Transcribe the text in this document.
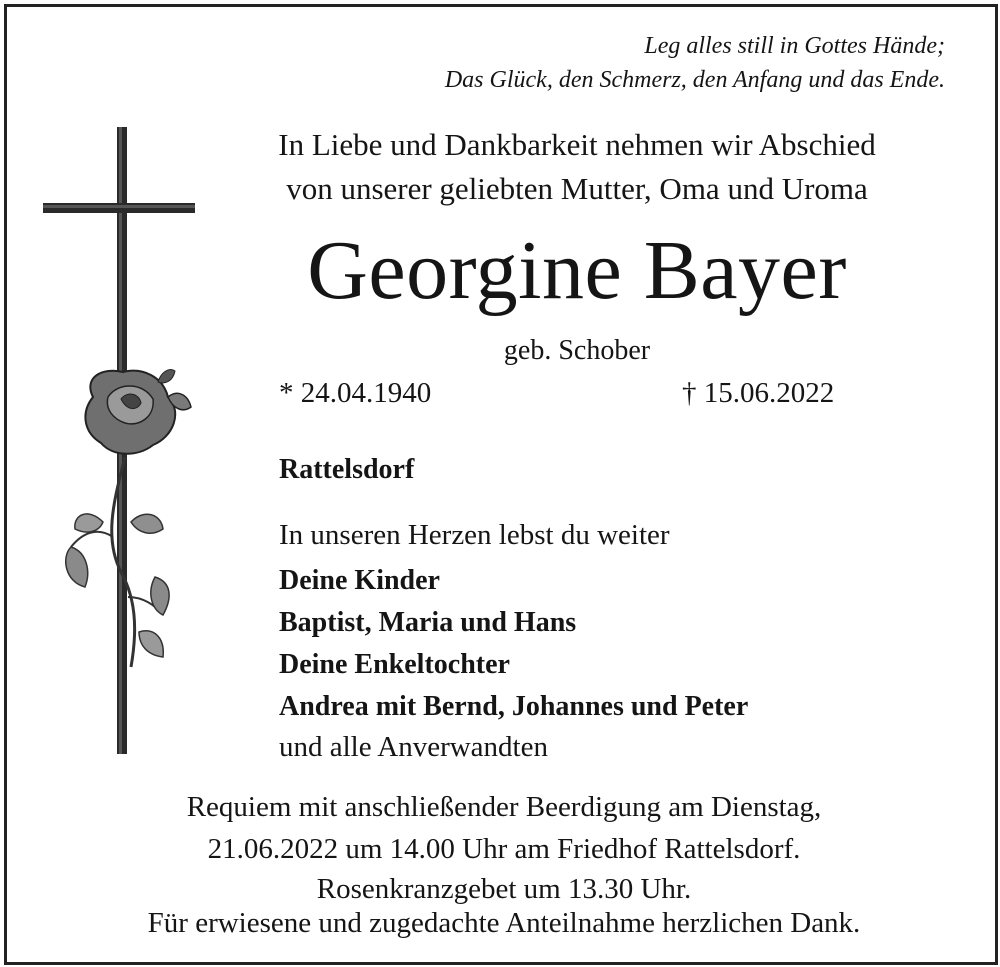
Leg alles still in Gottes Hände;
Das Glück, den Schmerz, den Anfang und das Ende.
In Liebe und Dankbarkeit nehmen wir Abschied
von unserer geliebten Mutter, Oma und Uroma
Georgine Bayer
geb. Schober
* 24.04.1940	† 15.06.2022
Rattelsdorf
In unseren Herzen lebst du weiter
Deine Kinder
Baptist, Maria und Hans
Deine Enkeltochter
Andrea mit Bernd, Johannes und Peter
und alle Anverwandten
Requiem mit anschließender Beerdigung am Dienstag,
21.06.2022 um 14.00 Uhr am Friedhof Rattelsdorf.
Rosenkranzgebet um 13.30 Uhr.
Für erwiesene und zugedachte Anteilnahme herzlichen Dank.
